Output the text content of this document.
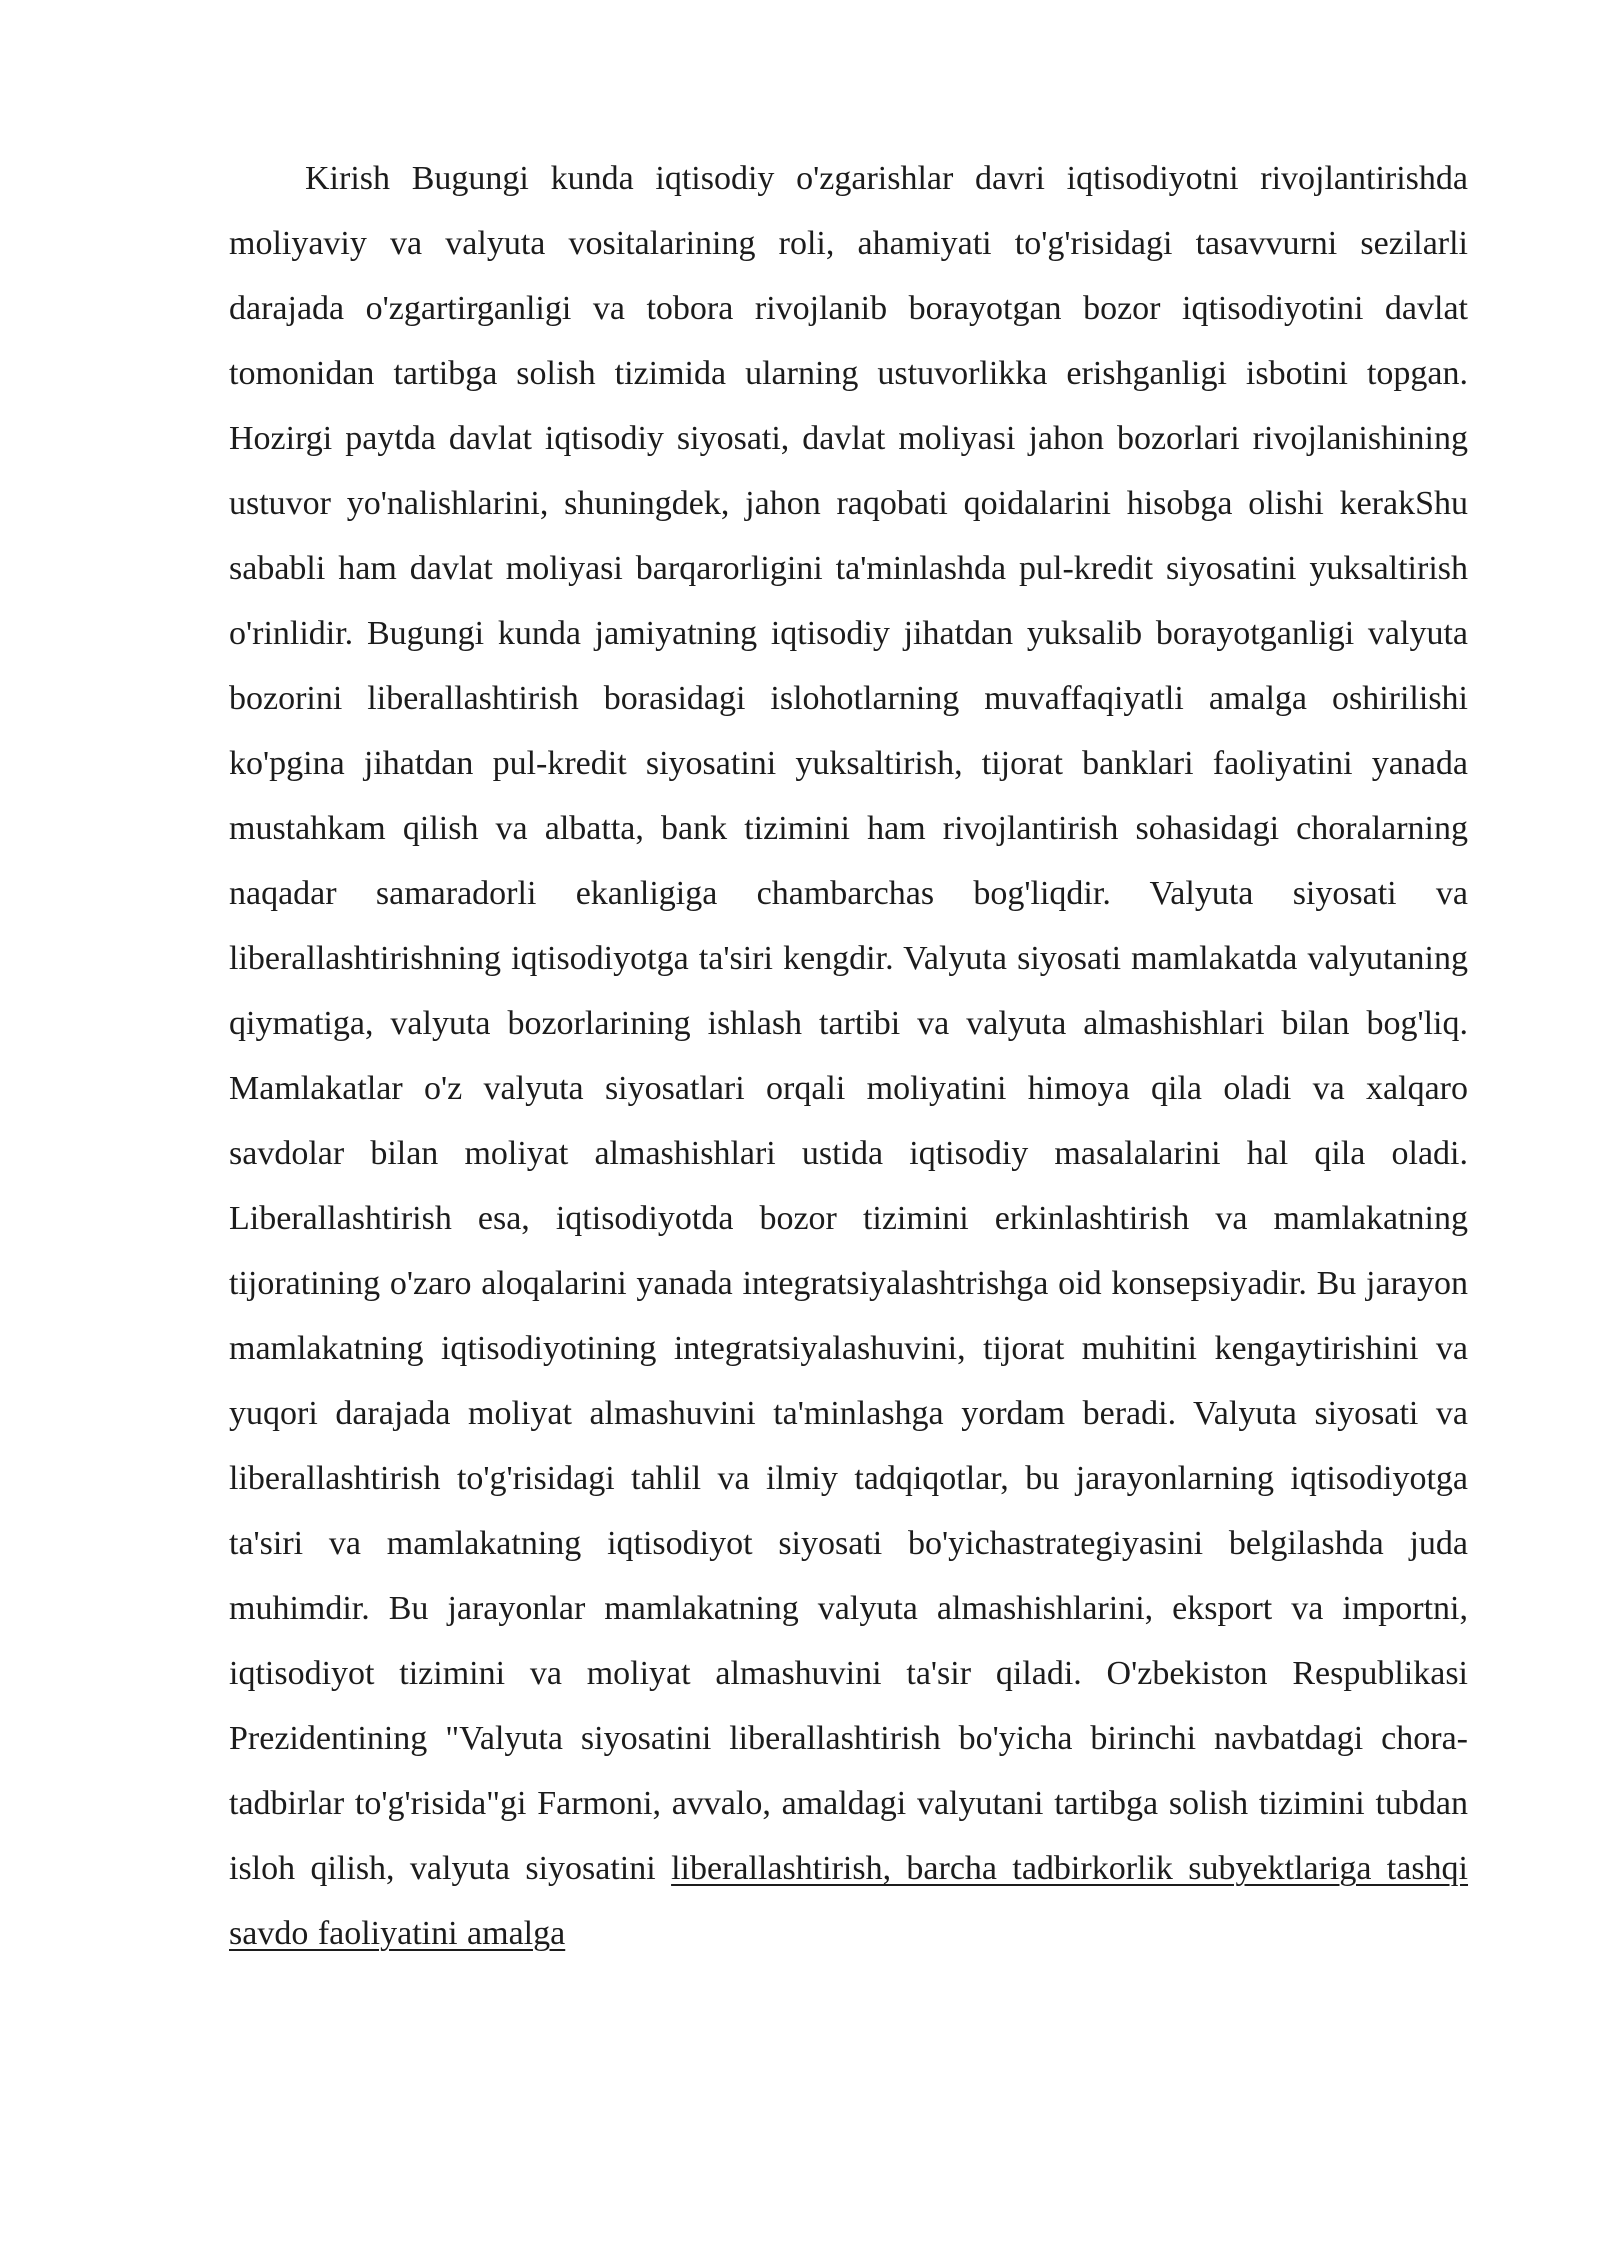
Kirish Bugungi kunda iqtisodiy o'zgarishlar davri iqtisodiyotni rivojlantirishda moliyaviy va valyuta vositalarining roli, ahamiyati to'g'risidagi tasavvurni sezilarli darajada o'zgartirganligi va tobora rivojlanib borayotgan bozor iqtisodiyotini davlat tomonidan tartibga solish tizimida ularning ustuvorlikka erishganligi isbotini topgan. Hozirgi paytda davlat iqtisodiy siyosati, davlat moliyasi jahon bozorlari rivojlanishining ustuvor yo'nalishlarini, shuningdek, jahon raqobati qoidalarini hisobga olishi kerakShu sababli ham davlat moliyasi barqarorligini ta'minlashda pul-kredit siyosatini yuksaltirish o'rinlidir. Bugungi kunda jamiyatning iqtisodiy jihatdan yuksalib borayotganligi valyuta bozorini liberallashtirish borasidagi islohotlarning muvaffaqiyatli amalga oshirilishi ko'pgina jihatdan pul-kredit siyosatini yuksaltirish, tijorat banklari faoliyatini yanada mustahkam qilish va albatta, bank tizimini ham rivojlantirish sohasidagi choralarning naqadar samaradorli ekanligiga chambarchas bog'liqdir. Valyuta siyosati va liberallashtirishning iqtisodiyotga ta'siri kengdir. Valyuta siyosati mamlakatda valyutaning qiymatiga, valyuta bozorlarining ishlash tartibi va valyuta almashishlari bilan bog'liq. Mamlakatlar o'z valyuta siyosatlari orqali moliyatini himoya qila oladi va xalqaro savdolar bilan moliyat almashishlari ustida iqtisodiy masalalarini hal qila oladi. Liberallashtirish esa, iqtisodiyotda bozor tizimini erkinlashtirish va mamlakatning tijoratining o'zaro aloqalarini yanada integratsiyalashtrishga oid konsepsiyadir. Bu jarayon mamlakatning iqtisodiyotining integratsiyalashuvini, tijorat muhitini kengaytirishini va yuqori darajada moliyat almashuvini ta'minlashga yordam beradi. Valyuta siyosati va liberallashtirish to'g'risidagi tahlil va ilmiy tadqiqotlar, bu jarayonlarning iqtisodiyotga ta'siri va mamlakatning iqtisodiyot siyosati bo'yichastrategiyasini belgilashda juda muhimdir. Bu jarayonlar mamlakatning valyuta almashishlarini, eksport va importni, iqtisodiyot tizimini va moliyat almashuvini ta'sir qiladi. O'zbekiston Respublikasi Prezidentining "Valyuta siyosatini liberallashtirish bo'yicha birinchi navbatdagi chora-tadbirlar to'g'risida"gi Farmoni, avvalo, amaldagi valyutani tartibga solish tizimini tubdan isloh qilish, valyuta siyosatini liberallashtirish, barcha tadbirkorlik subyektlariga tashqi savdo faoliyatini amalga
